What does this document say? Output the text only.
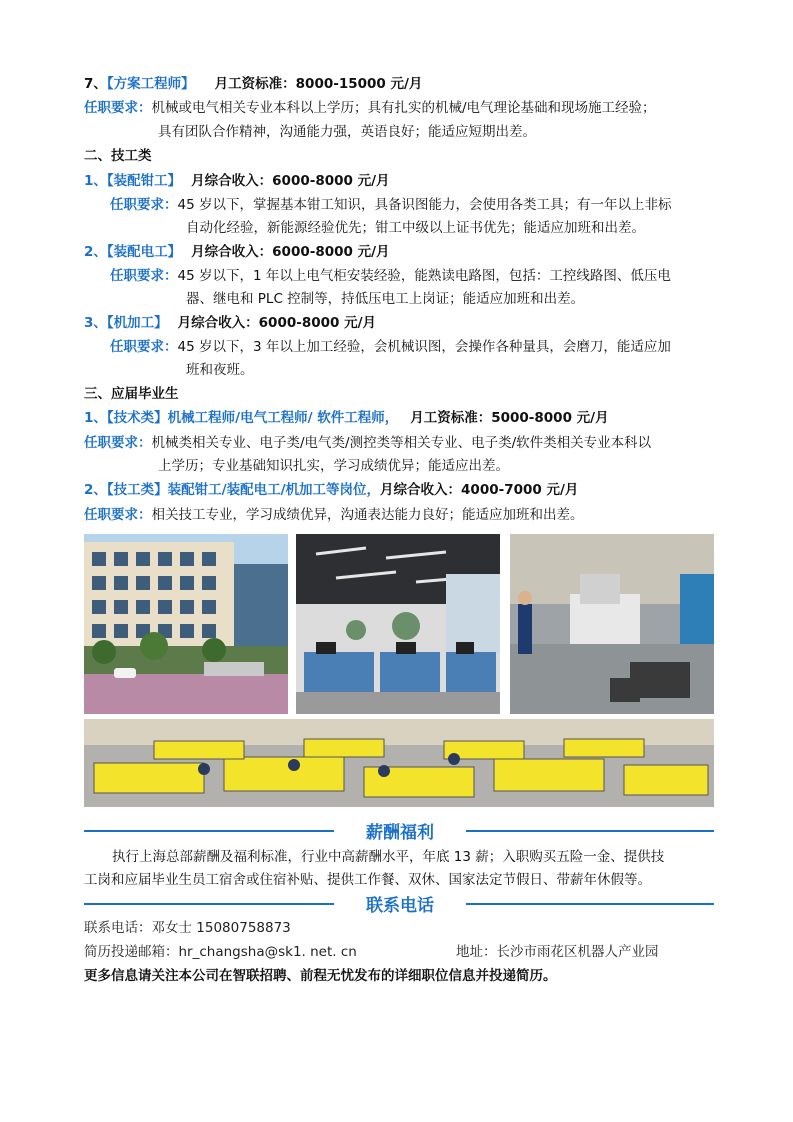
7、【方案工程师】 月工资标准：8000-15000 元/月
任职要求：机械或电气相关专业本科以上学历；具有扎实的机械/电气理论基础和现场施工经验；
具有团队合作精神，沟通能力强，英语良好；能适应短期出差。
二、技工类
1、【装配钳工】 月综合收入：6000-8000 元/月
任职要求：45 岁以下，掌握基本钳工知识，具备识图能力，会使用各类工具；有一年以上非标
自动化经验，新能源经验优先；钳工中级以上证书优先；能适应加班和出差。
2、【装配电工】 月综合收入：6000-8000 元/月
任职要求：45 岁以下，1 年以上电气柜安装经验，能熟读电路图，包括：工控线路图、低压电
器、继电和 PLC 控制等，持低压电工上岗证；能适应加班和出差。
3、【机加工】 月综合收入：6000-8000 元/月
任职要求：45 岁以下，3 年以上加工经验，会机械识图，会操作各种量具，会磨刀，能适应加
班和夜班。
三、应届毕业生
1、【技术类】机械工程师/电气工程师/ 软件工程师， 月工资标准：5000-8000 元/月
任职要求：机械类相关专业、电子类/电气类/测控类等相关专业、电子类/软件类相关专业本科以
上学历；专业基础知识扎实，学习成绩优异；能适应出差。
2、【技工类】装配钳工/装配电工/机加工等岗位，月综合收入：4000-7000 元/月
任职要求：相关技工专业，学习成绩优异，沟通表达能力良好；能适应加班和出差。
薪酬福利
执行上海总部薪酬及福利标准，行业中高薪酬水平，年底 13 薪；入职购买五险一金、提供技
工岗和应届毕业生员工宿舍或住宿补贴、提供工作餐、双休、国家法定节假日、带薪年休假等。
联系电话
联系电话：邓女士 15080758873
简历投递邮箱：hr_changsha@sk1. net. cn	地址：长沙市雨花区机器人产业园
更多信息请关注本公司在智联招聘、前程无忧发布的详细职位信息并投递简历。
